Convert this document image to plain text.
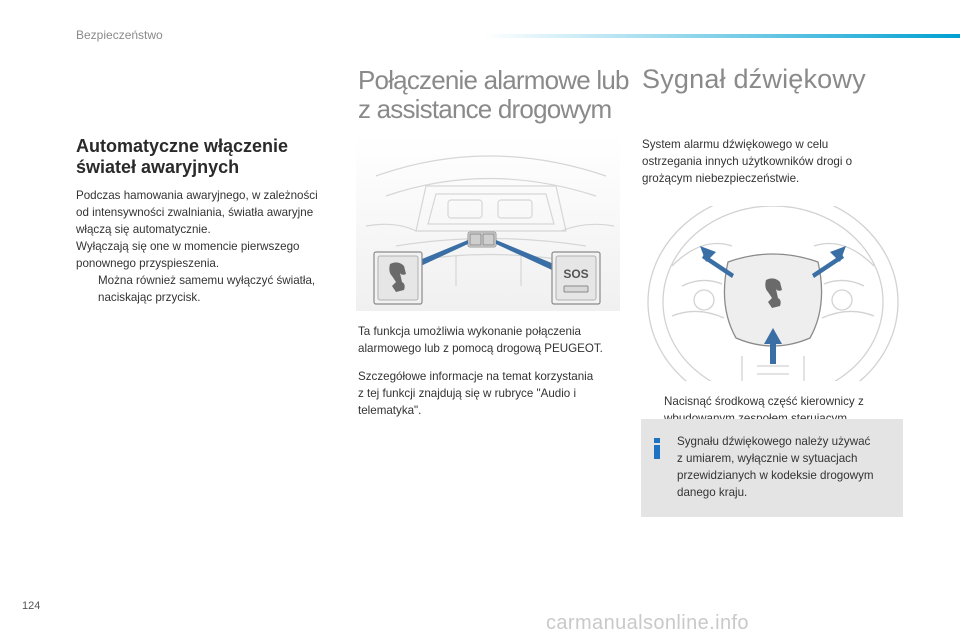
Bezpieczeństwo
Automatyczne włączenie
świateł awaryjnych

Podczas hamowania awaryjnego, w zależności

od intensywności zwalniania, światła awaryjne

włączą się automatycznie.

Wyłączają się one w momencie pierwszego

ponownego przyspieszenia.

Można również samemu wyłączyć światła,
naciskając przycisk.
Połączenie alarmowe lub
z assistance drogowym
SOS

Ta funkcja umożliwia wykonanie połączenia

alarmowego lub z pomocą drogową PEUGEOT.

Szczegółowe informacje na temat korzystania

z tej funkcji znajdują się w rubryce "Audio i

telematyka".

Sygnał dźwiękowy

System alarmu dźwiękowego w celu

ostrzegania innych użytkowników drogi o

grożącym niebezpieczeństwie.

Nacisnąć środkową część kierownicy z

Sygnału dźwiękowego należy używać

z umiarem, wyłącznie w sytuacjach

przewidzianych w kodeksie drogowym

danego kraju.

124
carmanualsonline.info
